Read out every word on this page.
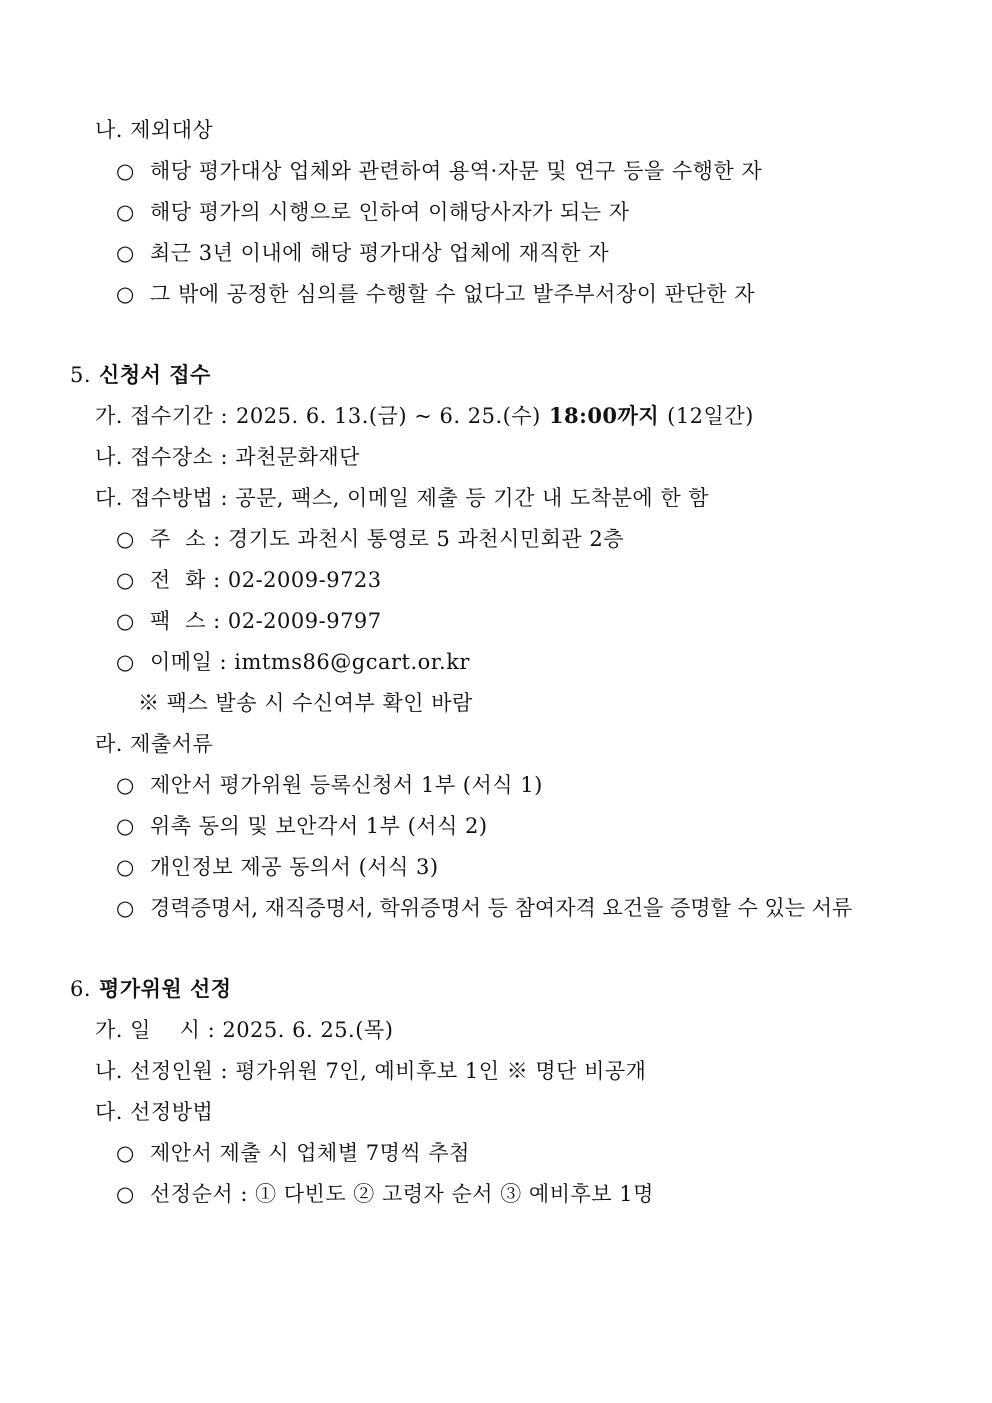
나. 제외대상
○ 해당 평가대상 업체와 관련하여 용역·자문 및 연구 등을 수행한 자
○ 해당 평가의 시행으로 인하여 이해당사자가 되는 자
○ 최근 3년 이내에 해당 평가대상 업체에 재직한 자
○ 그 밖에 공정한 심의를 수행할 수 없다고 발주부서장이 판단한 자
5. 신청서 접수
가. 접수기간 : 2025. 6. 13.(금) ~ 6. 25.(수) 18:00까지 (12일간)
나. 접수장소 : 과천문화재단
다. 접수방법 : 공문, 팩스, 이메일 제출 등 기간 내 도착분에 한 함
○ 주  소 : 경기도 과천시 통영로 5 과천시민회관 2층
○ 전  화 : 02-2009-9723
○ 팩  스 : 02-2009-9797
○ 이메일 : imtms86@gcart.or.kr
※ 팩스 발송 시 수신여부 확인 바람
라. 제출서류
○ 제안서 평가위원 등록신청서 1부 (서식 1)
○ 위촉 동의 및 보안각서 1부 (서식 2)
○ 개인정보 제공 동의서 (서식 3)
○ 경력증명서, 재직증명서, 학위증명서 등 참여자격 요건을 증명할 수 있는 서류
6. 평가위원 선정
가. 일    시 : 2025. 6. 25.(목)
나. 선정인원 : 평가위원 7인, 예비후보 1인 ※ 명단 비공개
다. 선정방법
○ 제안서 제출 시 업체별 7명씩 추첨
○ 선정순서 : ① 다빈도 ② 고령자 순서 ③ 예비후보 1명
